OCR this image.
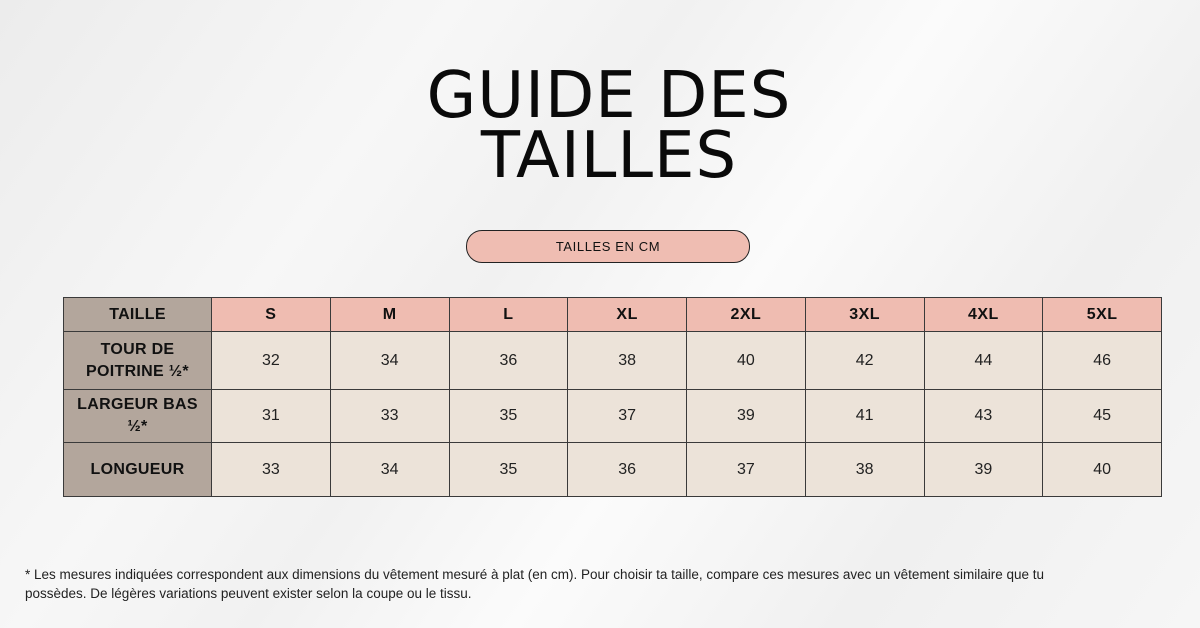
GUIDE DES
TAILLES
TAILLES EN CM
TAILLE	S	M	L	XL	2XL	3XL	4XL	5XL

TOUR DE
POITRINE ½*	32	34	36	38	40	42	44	46

LARGEUR BAS
½*	31	33	35	37	39	41	43	45

LONGUEUR	33	34	35	36	37	38	39	40
* Les mesures indiquées correspondent aux dimensions du vêtement mesuré à plat (en cm). Pour choisir ta taille, compare ces mesures avec un vêtement similaire que tu
possèdes. De légères variations peuvent exister selon la coupe ou le tissu.
